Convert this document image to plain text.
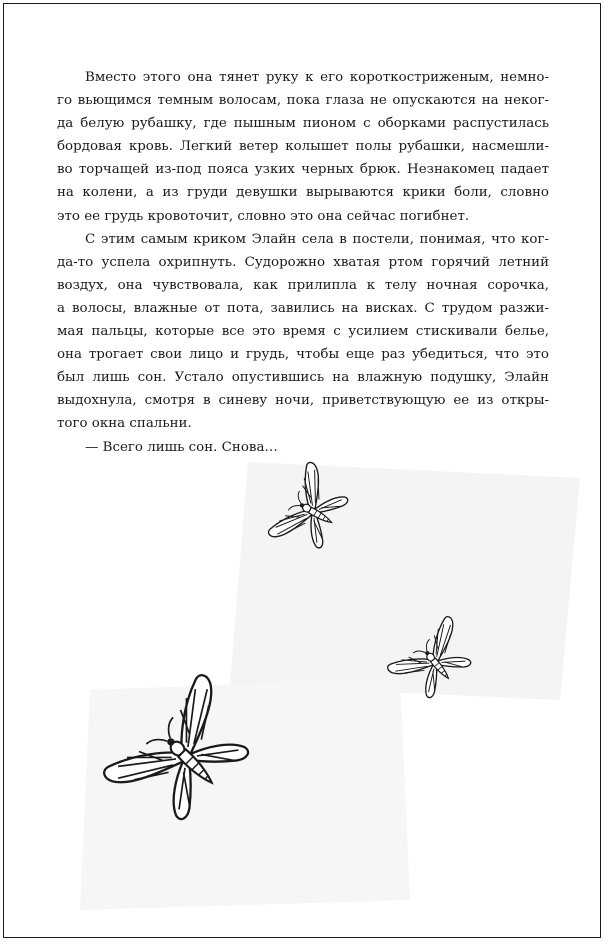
Вместо этого она тянет руку к его короткостриженым, немно-
го вьющимся темным волосам, пока глаза не опускаются на неког-
да белую рубашку, где пышным пионом с оборками распустилась
бордовая кровь. Легкий ветер колышет полы рубашки, насмешли-
во торчащей из-под пояса узких черных брюк. Незнакомец падает
на колени, а из груди девушки вырываются крики боли, словно
это ее грудь кровоточит, словно это она сейчас погибнет.
С этим самым криком Элайн села в постели, понимая, что ког-
да-то успела охрипнуть. Судорожно хватая ртом горячий летний
воздух, она чувствовала, как прилипла к телу ночная сорочка,
а волосы, влажные от пота, завились на висках. С трудом разжи-
мая пальцы, которые все это время с усилием стискивали белье,
она трогает свои лицо и грудь, чтобы еще раз убедиться, что это
был лишь сон. Устало опустившись на влажную подушку, Элайн
выдохнула, смотря в синеву ночи, приветствующую ее из откры-
того окна спальни.
— Всего лишь сон. Снова…
